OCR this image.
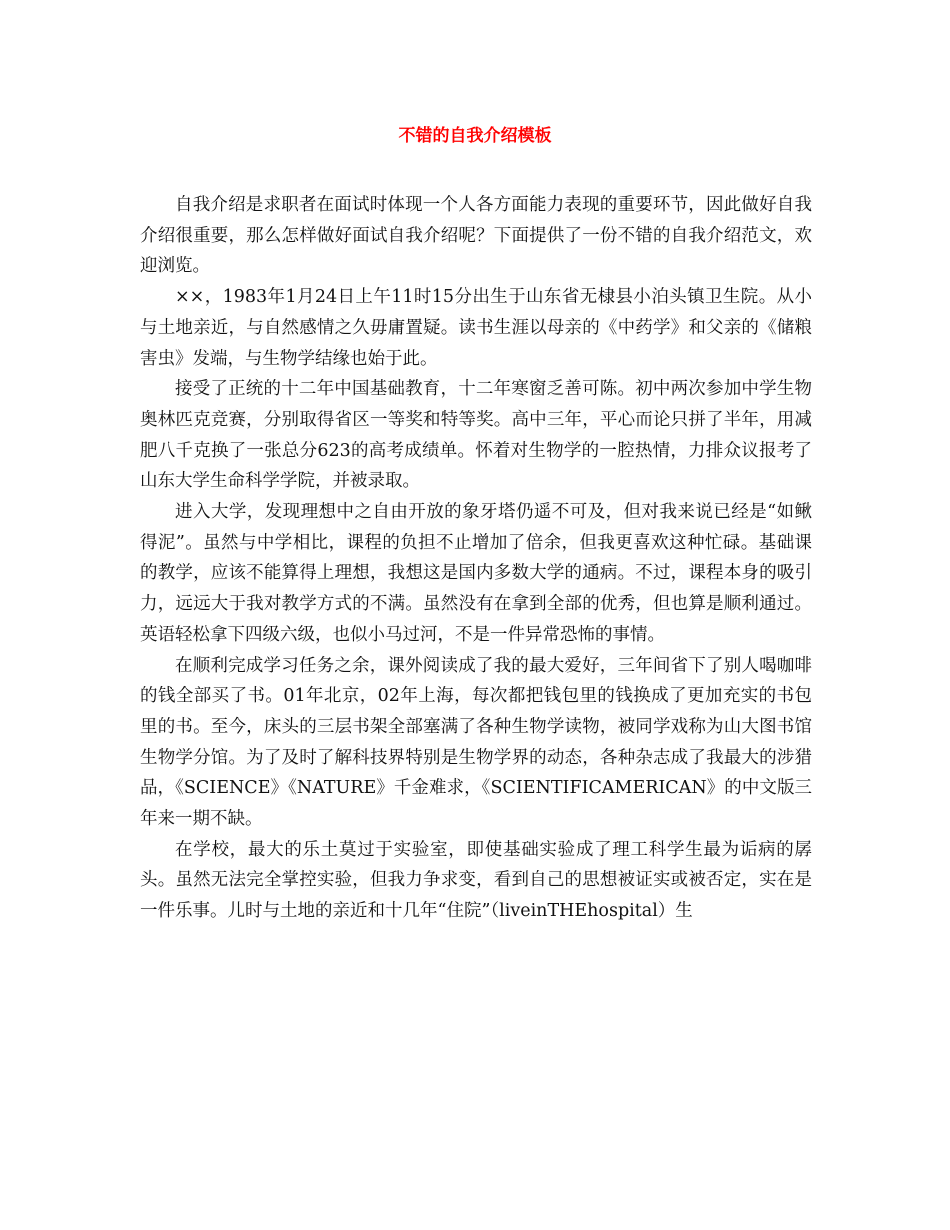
不错的自我介绍模板

自我介绍是求职者在面试时体现一个人各方面能力表现的重要环节，因此做好自我介绍很重要，那么怎样做好面试自我介绍呢？下面提供了一份不错的自我介绍范文，欢迎浏览。

××，1983年1月24日上午11时15分出生于山东省无棣县小泊头镇卫生院。从小与土地亲近，与自然感情之久毋庸置疑。读书生涯以母亲的《中药学》和父亲的《储粮害虫》发端，与生物学结缘也始于此。

接受了正统的十二年中国基础教育，十二年寒窗乏善可陈。初中两次参加中学生物奥林匹克竞赛，分别取得省区一等奖和特等奖。高中三年，平心而论只拼了半年，用减肥八千克换了一张总分623的高考成绩单。怀着对生物学的一腔热情，力排众议报考了山东大学生命科学学院，并被录取。

进入大学，发现理想中之自由开放的象牙塔仍遥不可及，但对我来说已经是“如鳅得泥”。虽然与中学相比，课程的负担不止增加了倍余，但我更喜欢这种忙碌。基础课的教学，应该不能算得上理想，我想这是国内多数大学的通病。不过，课程本身的吸引力，远远大于我对教学方式的不满。虽然没有在拿到全部的优秀，但也算是顺利通过。英语轻松拿下四级六级，也似小马过河，不是一件异常恐怖的事情。

在顺利完成学习任务之余，课外阅读成了我的最大爱好，三年间省下了别人喝咖啡的钱全部买了书。01年北京，02年上海，每次都把钱包里的钱换成了更加充实的书包里的书。至今，床头的三层书架全部塞满了各种生物学读物，被同学戏称为山大图书馆生物学分馆。为了及时了解科技界特别是生物学界的动态，各种杂志成了我最大的涉猎品，《SCIENCE》《NATURE》千金难求，《SCIENTIFICAMERICAN》的中文版三年来一期不缺。

在学校，最大的乐土莫过于实验室，即使基础实验成了理工科学生最为诟病的孱头。虽然无法完全掌控实验，但我力争求变，看到自己的思想被证实或被否定，实在是一件乐事。儿时与土地的亲近和十几年“住院”（liveinTHEhospital）生
